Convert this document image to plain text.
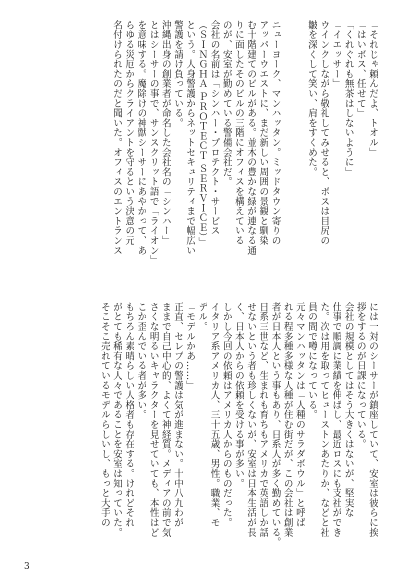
「それじゃ頼んだよ、トオル」
「はいボス、任せて」
「くれぐれも無茶はしないように」
「イエッサー」
ウインクしながら敬礼してみせると、ボスは目尻の
皺を深くして笑い、肩をすくめた。
ニューヨーク、マンハッタン。ミッドタウン寄りの
アッパーウエストに、まだ新しい周囲の景観と馴染
む十階建てのビルがある。並木の豊かな緑が連なる通
りに面したそのビルの三階にオフィスを構えている
のが、安室が勤めている警備会社だ。
会社の名前は「シンハー・プロテクト・サービス
（ＳＩＮＧＨＡ ＰＲＯＴＥＣＴ ＳＥＲＶＩＣＥ）」
という。人身警護からネットセキュリティまで幅広い
警護を請け負っている。
沖縄出身の創業者が命名した会社名の「シンハー」
とはシーサーの事で、サンスクリット語で「ライオン」
を意味する。魔除けの神獣シーサーにあやかって、あ
らゆる災厄からクライアントを守るという決意の元
名付けられたのだと聞いた。オフィスのエントランス
には一対のシーサーが鎮座していて、安室は彼らに挨
拶をするのが日課になっている。
会社の規模としてはそう大きくはないが、堅実な
仕事で順調に業績を伸ばし、最近ロスにも支社ができ
た。次は用を取ってヒューストンあたりか、などと社
員の間で噂になっている。
元々マンハッタンは「人種のサラダボウル」と呼ば
れる程多種多様な人種が住む街だが、この会社は創業
者が日本人という事もあり、日系人が多く勤めている。
日系三世など、生まれも育ちもアメリカで英語しか話
せないという者も珍しくないが、安室は日本生活が長
く、日本人からの依頼を受ける事が多い。
しかし今回の依頼はアメリカ人からのものだった。
イタリア系アメリカ人、三十五歳、男性。職業、モ
デル。
「モデルかあ……」
正直、セレブの警護は気が進まない。十中八九わが
ままで自己中心的、よくて神経質。メディアの前で気
さくな明るいキャラクターを見せていても、本性はど
こか歪んでいる者が多い。
もちろん素晴らしい人格者も存在する。けれどそれ
がとても稀有な人々であることを安室は知っていた。
そこそこ売れているモデルらしいし、もっと大手の
3
